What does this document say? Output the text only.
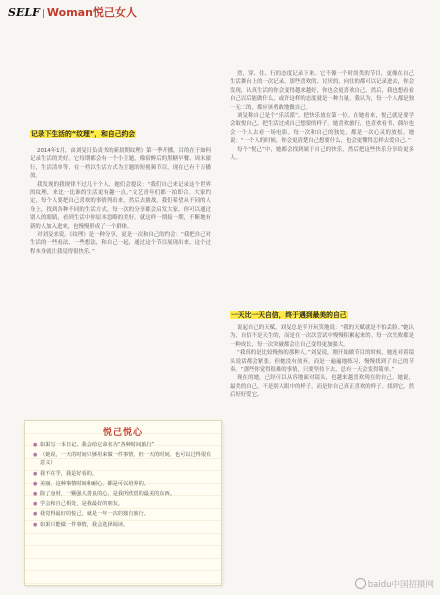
SELF | Woman悦己女人
记录下生活的“纹理”，和自己约会

2014年1月，由刘旻日负责书的新晨期纹理》第一季开播，目的在于如何记录生活的美好。它每期都会有一个小主题，像宿醉后的黑糖早餐、周末旅行，生活清单等，在一档以生活方式为主题的短视频节目，现在已有千万播放。

我发现的我规律不过几十个人，她们会提议：“我们自己来记录这个世界的纹理，来比一比谁的生活更有趣一点。”文艺青年们都一拍即合。大家约定，每个人要把自己喜欢的事情列出来，然后去挑战。我们希望从不同的人身上，找到各种不同的生活方式。每一次的分享都会启发大家，你可以通过别人的眼睛，看到生活中你原本忽略的美好。就这样一期接一期，不断地有新的人加入进来，也慢慢形成了一个群体。

对刘旻来说，《纹理》是一种分享，更是一次和自己的约会：“我把自己对生活的一些看法、一些想法，和自己一起，通过这个节目展现出来，这个过程本身就让我觉得很快乐。”

然，穿、住、行的态度记录下来。它不像一个时尚类的节目，更像在自己生活舞台上的一次记录，那些喜欢的、讨厌的、向往的都可以记录进去，你会发现，认真生活的你会变得越来越好，你也会更喜欢自己。然后，我也想看看自己以后能做什么，或许这样的态度就是一种力量。我认为，每一个人都是独一无二的，都应该勇敢地做自己。

刘旻称自己是个“乐活派”，把快乐放在第一位。在她看来，悦己就是要学会取悦自己，把生活过成自己想要的样子。她喜欢旅行，也喜欢看书，偶尔也会一个人去看一场电影。每一次和自己的独处，都是一次心灵的放松。她说：“一个人的时候，你会更清楚自己想要什么，也会更懂得怎样去爱自己。”

每个“悦己”中，她都会找到属于自己的快乐，然后把这些快乐分享给更多人。

一天比一天自信，终于遇到最美的自己

说起自己的天赋，刘旻总是半开玩笑地说：“我的天赋就是不怕丢脸。”她认为，自信不是天生的，而是在一次次尝试中慢慢积累起来的。每一次失败都是一种成长，每一次突破都会让自己变得更加强大。

“我真的是比较慢热的那种人。”刘旻说，刚开始做节目的时候，她连对着镜头说话都会紧张。但她没有放弃，而是一遍遍地练习，慢慢找到了自己的节奏。“那些你觉得很难的事情，只要坚持下去，总有一天会变得简单。”

现在的她，已经可以从容地面对镜头，也越来越喜欢现在的自己。她说，最美的自己，不是别人眼中的样子，而是你自己真正喜欢的样子。找到它，然后好好爱它。

悦己悦心
● 如果写一本日记，我会给它命名为“各种时间旅行”
● （她说，一天的时间只够用来做一件事情，但一天的时间，也可以过得很有意义）
● 我不在乎，我是好看的。
● 美丽，这种事情时间和耐心，都是可以培养的。
● 除了身材，一颗强大善良的心，是我所欣赏的最美的东西。
● 学会和自己相处，是我最好的朋友。
● 我觉得最好的悦己，就是一年一次的独自旅行。
● 如果只能做一件事情，我会选择阅读。
baidu中国招摄网
